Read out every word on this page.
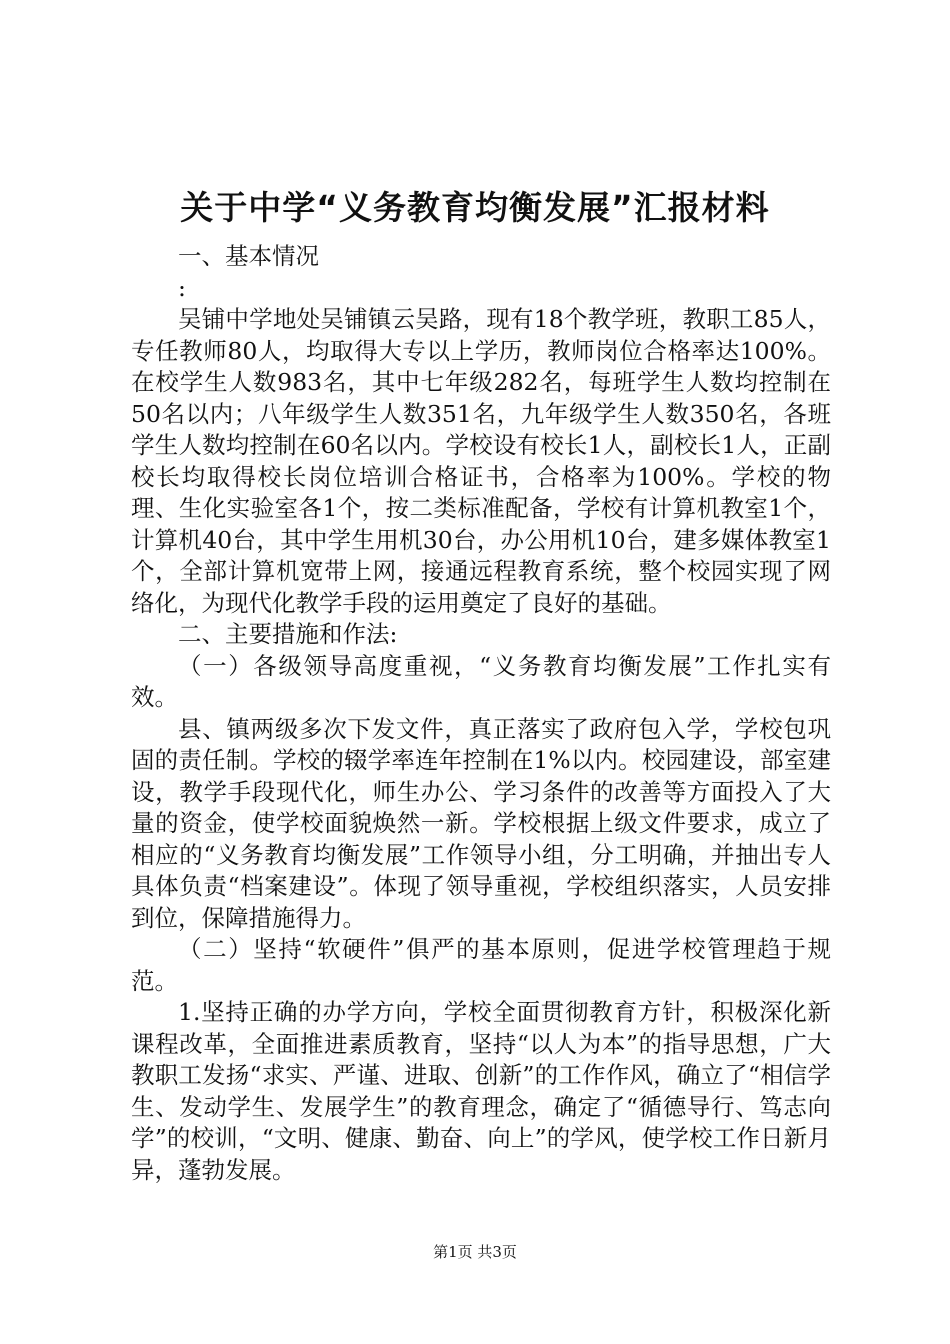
关于中学“义务教育均衡发展”汇报材料

一、基本情况

:

吴铺中学地处吴铺镇云吴路，现有18个教学班，教职工85人，专任教师80人，均取得大专以上学历，教师岗位合格率达100%。在校学生人数983名，其中七年级282名，每班学生人数均控制在50名以内；八年级学生人数351名，九年级学生人数350名，各班学生人数均控制在60名以内。学校设有校长1人，副校长1人，正副校长均取得校长岗位培训合格证书，合格率为100%。学校的物理、生化实验室各1个，按二类标准配备，学校有计算机教室1个，计算机40台，其中学生用机30台，办公用机10台，建多媒体教室1个，全部计算机宽带上网，接通远程教育系统，整个校园实现了网络化，为现代化教学手段的运用奠定了良好的基础。

二、主要措施和作法:

（一）各级领导高度重视，“义务教育均衡发展”工作扎实有效。

县、镇两级多次下发文件，真正落实了政府包入学，学校包巩固的责任制。学校的辍学率连年控制在1%以内。校园建设，部室建设，教学手段现代化，师生办公、学习条件的改善等方面投入了大量的资金，使学校面貌焕然一新。学校根据上级文件要求，成立了相应的“义务教育均衡发展”工作领导小组，分工明确，并抽出专人具体负责“档案建设”。体现了领导重视，学校组织落实，人员安排到位，保障措施得力。

（二）坚持“软硬件”俱严的基本原则，促进学校管理趋于规范。

1.坚持正确的办学方向，学校全面贯彻教育方针，积极深化新课程改革，全面推进素质教育，坚持“以人为本”的指导思想，广大教职工发扬“求实、严谨、进取、创新”的工作作风，确立了“相信学生、发动学生、发展学生”的教育理念，确定了“循德导行、笃志向学”的校训，“文明、健康、勤奋、向上”的学风，使学校工作日新月异，蓬勃发展。

第1页 共3页
